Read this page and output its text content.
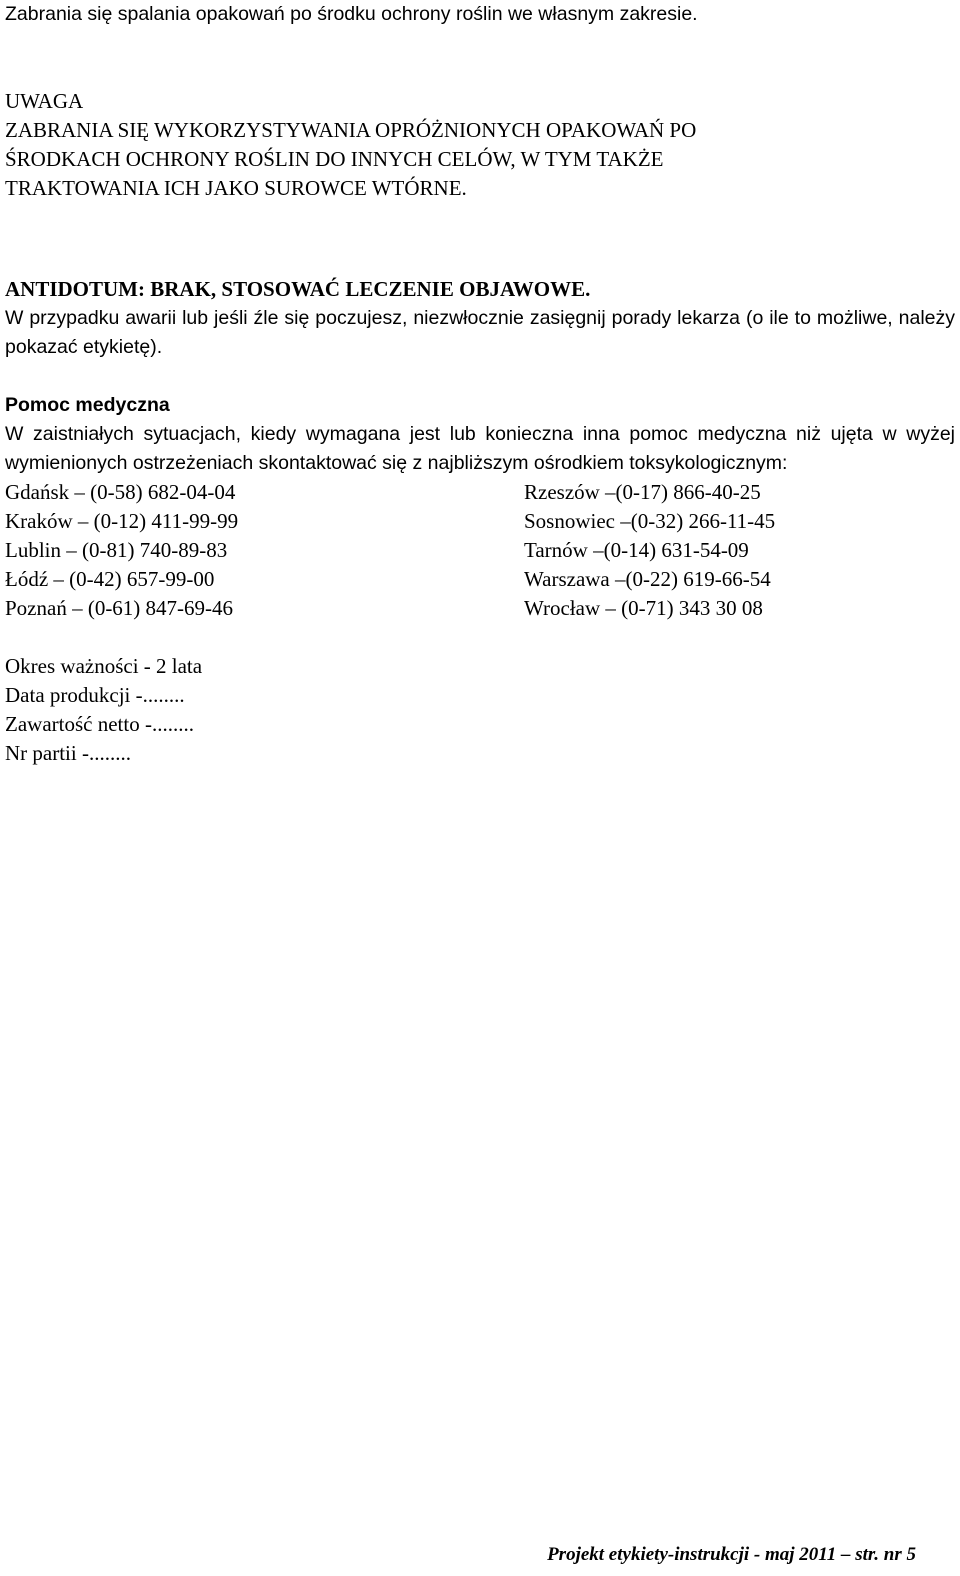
Zabrania się spalania opakowań po środku ochrony roślin we własnym zakresie.

UWAGA

ZABRANIA SIĘ WYKORZYSTYWANIA OPRÓŻNIONYCH OPAKOWAŃ PO

ŚRODKACH OCHRONY ROŚLIN DO INNYCH CELÓW, W TYM TAKŻE

TRAKTOWANIA ICH JAKO SUROWCE WTÓRNE.

ANTIDOTUM: BRAK, STOSOWAĆ LECZENIE OBJAWOWE.

W przypadku awarii lub jeśli źle się poczujesz, niezwłocznie zasięgnij porady lekarza (o ile to możliwe, należy pokazać etykietę).

Pomoc medyczna

W zaistniałych sytuacjach, kiedy wymagana jest lub konieczna inna pomoc medyczna niż ujęta w wyżej wymienionych ostrzeżeniach skontaktować się z najbliższym ośrodkiem toksykologicznym:

Gdańsk – (0-58) 682-04-04	Rzeszów –(0-17) 866-40-25
Kraków – (0-12) 411-99-99	Sosnowiec –(0-32) 266-11-45
Lublin – (0-81) 740-89-83	Tarnów –(0-14) 631-54-09
Łódź – (0-42) 657-99-00	Warszawa –(0-22) 619-66-54
Poznań – (0-61) 847-69-46	Wrocław – (0-71) 343 30 08

Okres ważności - 2 lata

Data produkcji -........

Zawartość netto -........

Nr partii -........

Projekt etykiety-instrukcji - maj 2011 – str. nr 5
